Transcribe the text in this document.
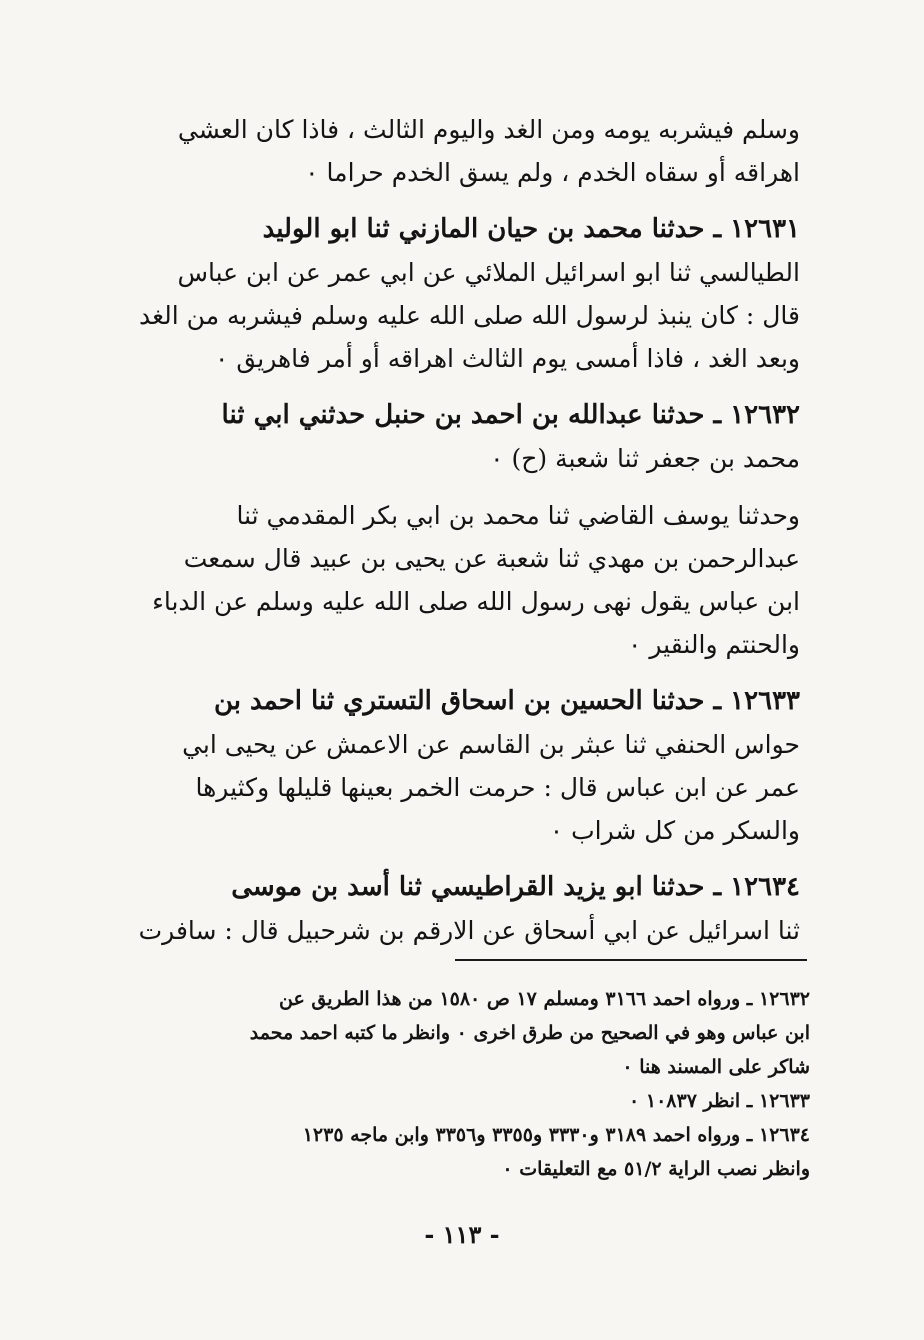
وسلم فيشربه يومه ومن الغد واليوم الثالث ، فاذا كان العشي
اهراقه أو سقاه الخدم ، ولم يسق الخدم حراما ٠
١٢٦٣١ ـ حدثنا محمد بن حيان المازني ثنا ابو الوليد
الطيالسي ثنا ابو اسرائيل الملائي عن ابي عمر عن ابن عباس
قال : كان ينبذ لرسول الله صلى الله عليه وسلم فيشربه من الغد
وبعد الغد ، فاذا أمسى يوم الثالث اهراقه أو أمر فاهريق ٠
١٢٦٣٢ ـ حدثنا عبدالله بن احمد بن حنبل حدثني ابي ثنا
محمد بن جعفر ثنا شعبة (ح) ٠
وحدثنا يوسف القاضي ثنا محمد بن ابي بكر المقدمي ثنا
عبدالرحمن بن مهدي ثنا شعبة عن يحيى بن عبيد قال سمعت
ابن عباس يقول نهى رسول الله صلى الله عليه وسلم عن الدباء
والحنتم والنقير ٠
١٢٦٣٣ ـ حدثنا الحسين بن اسحاق التستري ثنا احمد بن
حواس الحنفي ثنا عبثر بن القاسم عن الاعمش عن يحيى ابي
عمر عن ابن عباس قال : حرمت الخمر بعينها قليلها وكثيرها
والسكر من كل شراب ٠
١٢٦٣٤ ـ حدثنا ابو يزيد القراطيسي ثنا أسد بن موسى
ثنا اسرائيل عن ابي أسحاق عن الارقم بن شرحبيل قال : سافرت
١٢٦٣٢ ـ ورواه احمد ٣١٦٦ ومسلم ١٧ ص ١٥٨٠ من هذا الطريق عن
ابن عباس وهو في الصحيح من طرق اخرى ٠ وانظر ما كتبه احمد محمد
شاكر على المسند هنا ٠
١٢٦٣٣ ـ انظر ١٠٨٣٧ ٠
١٢٦٣٤ ـ ورواه احمد ٣١٨٩ و٣٣٣٠ و٣٣٥٥ و٣٣٥٦ وابن ماجه ١٢٣٥
وانظر نصب الراية ٥١/٢ مع التعليقات ٠
- ١١٣ -
